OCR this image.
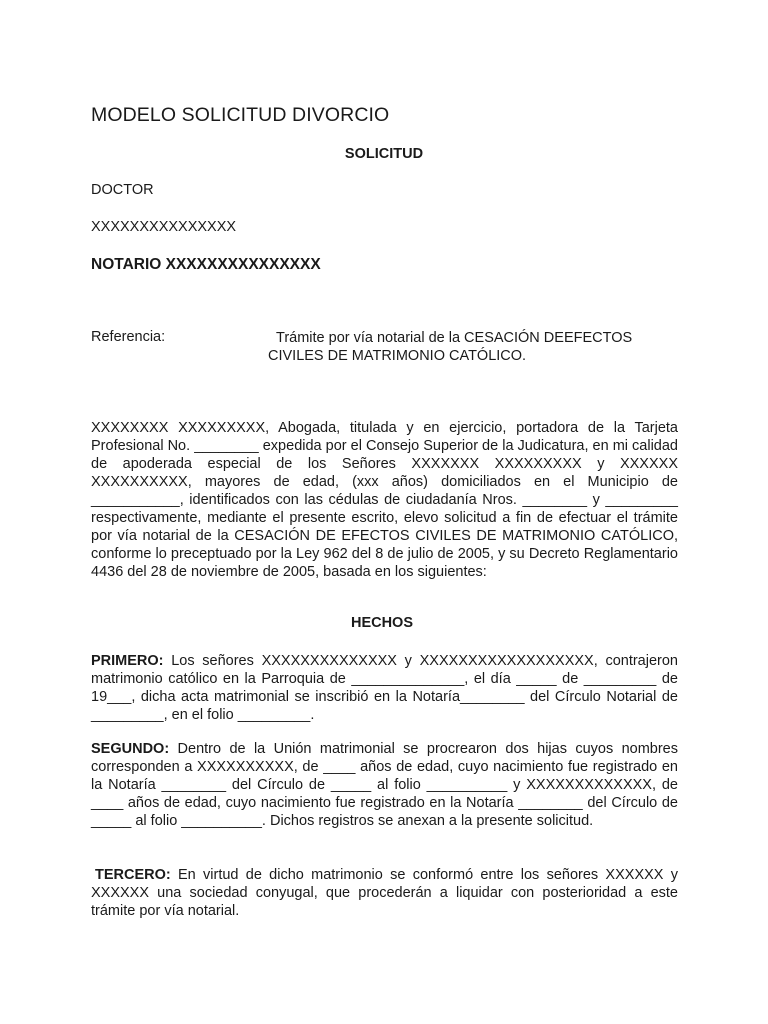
MODELO SOLICITUD DIVORCIO
SOLICITUD
DOCTOR
XXXXXXXXXXXXXXX
NOTARIO XXXXXXXXXXXXXXX
Referencia:	Trámite por vía notarial de la CESACIÓN DEEFECTOS CIVILES DE MATRIMONIO CATÓLICO.

XXXXXXXX XXXXXXXXX, Abogada, titulada y en ejercicio, portadora de la Tarjeta Profesional No. ________ expedida por el Consejo Superior de la Judicatura, en mi calidad de apoderada especial de los Señores XXXXXXX XXXXXXXXX y XXXXXX XXXXXXXXXX, mayores de edad, (xxx años) domiciliados en el Municipio de ___________, identificados con las cédulas de ciudadanía Nros. ________ y _________ respectivamente, mediante el presente escrito, elevo solicitud a fin de efectuar el trámite por vía notarial de la CESACIÓN DE EFECTOS CIVILES DE MATRIMONIO CATÓLICO, conforme lo preceptuado por la Ley 962 del 8 de julio de 2005, y su Decreto Reglamentario 4436 del 28 de noviembre de 2005, basada en los siguientes:

HECHOS

PRIMERO: Los señores XXXXXXXXXXXXXX y XXXXXXXXXXXXXXXXXX, contrajeron matrimonio católico en la Parroquia de ______________, el día _____ de _________ de 19___, dicha acta matrimonial se inscribió en la Notaría________ del Círculo Notarial de _________, en el folio _________.

SEGUNDO: Dentro de la Unión matrimonial se procrearon dos hijas cuyos nombres corresponden a XXXXXXXXXX, de ____ años de edad, cuyo nacimiento fue registrado en la Notaría ________ del Círculo de _____ al folio __________ y XXXXXXXXXXXXX, de ____ años de edad, cuyo nacimiento fue registrado en la Notaría ________ del Círculo de _____ al folio __________. Dichos registros se anexan a la presente solicitud.

TERCERO: En virtud de dicho matrimonio se conformó entre los señores XXXXXX y XXXXXX una sociedad conyugal, que procederán a liquidar con posterioridad a este trámite por vía notarial.
